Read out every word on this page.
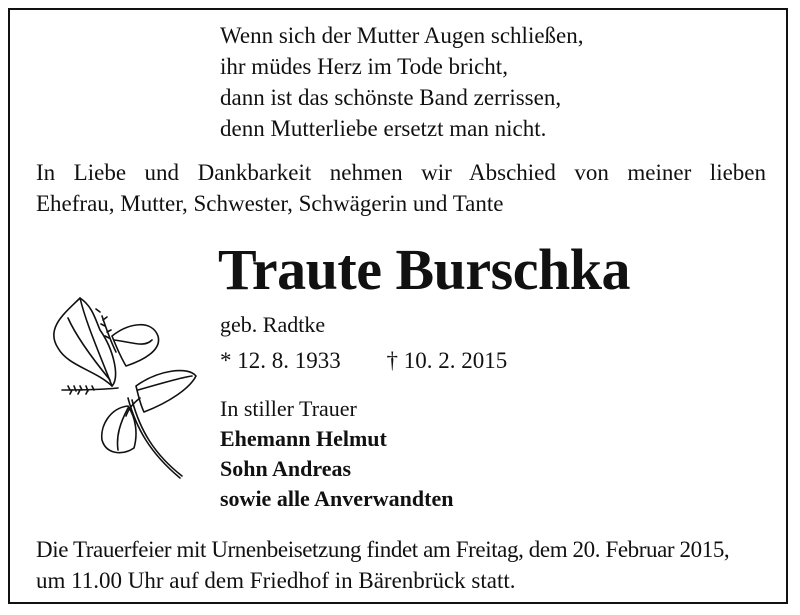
Wenn sich der Mutter Augen schließen,
ihr müdes Herz im Tode bricht,
dann ist das schönste Band zerrissen,
denn Mutterliebe ersetzt man nicht.
In Liebe und Dankbarkeit nehmen wir Abschied von meiner lieben
Ehefrau, Mutter, Schwester, Schwägerin und Tante
Traute Burschka
geb. Radtke
* 12. 8. 1933 † 10. 2. 2015
In stiller Trauer
Ehemann Helmut
Sohn Andreas
sowie alle Anverwandten
Die Trauerfeier mit Urnenbeisetzung findet am Freitag, dem 20. Februar 2015,
um 11.00 Uhr auf dem Friedhof in Bärenbrück statt.
